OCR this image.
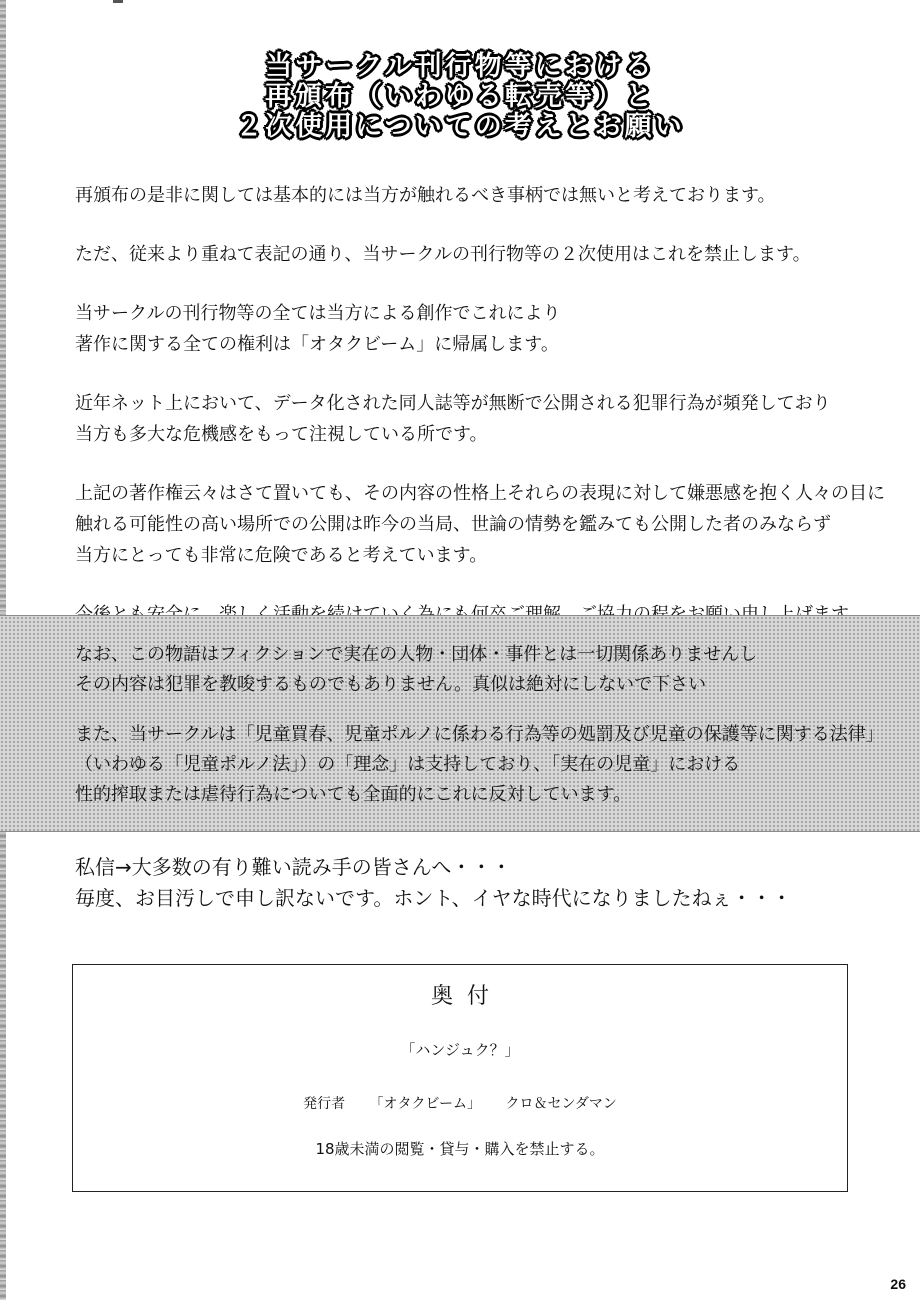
当サークル刊行物等における
再頒布（いわゆる転売等）と
２次使用についての考えとお願い

再頒布の是非に関しては基本的には当方が触れるべき事柄では無いと考えております。

ただ、従来より重ねて表記の通り、当サークルの刊行物等の２次使用はこれを禁止します。

当サークルの刊行物等の全ては当方による創作でこれにより
著作に関する全ての権利は「オタクビーム」に帰属します。

近年ネット上において、データ化された同人誌等が無断で公開される犯罪行為が頻発しており
当方も多大な危機感をもって注視している所です。

上記の著作権云々はさて置いても、その内容の性格上それらの表現に対して嫌悪感を抱く人々の目に
触れる可能性の高い場所での公開は昨今の当局、世論の情勢を鑑みても公開した者のみならず
当方にとっても非常に危険であると考えています。

なお、この物語はフィクションで実在の人物・団体・事件とは一切関係ありませんし
その内容は犯罪を教唆するものでもありません。真似は絶対にしないで下さい

また、当サークルは「児童買春、児童ポルノに係わる行為等の処罰及び児童の保護等に関する法律」
（いわゆる「児童ポルノ法」）の「理念」は支持しており、「実在の児童」における
性的搾取または虐待行為についても全面的にこれに反対しています。

私信→大多数の有り難い読み手の皆さんへ・・・
毎度、お目汚しで申し訳ないです。ホント、イヤな時代になりましたねぇ・・・
奥付
「ハンジュク？」
発行者 「オタクビーム」 クロ＆センダマン
18歳未満の閲覧・貸与・購入を禁止する。
26
